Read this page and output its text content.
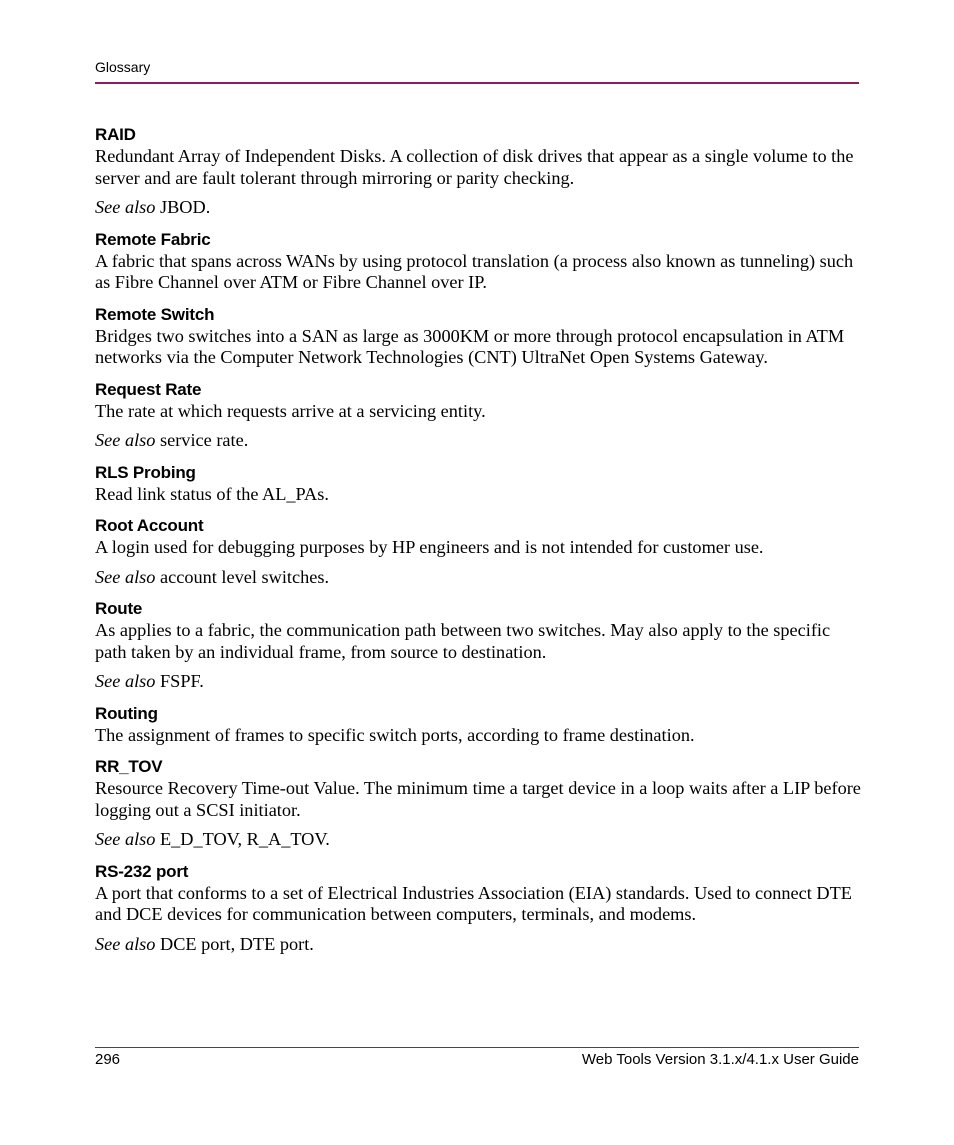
Glossary
RAID
Redundant Array of Independent Disks. A collection of disk drives that appear as a single volume to the server and are fault tolerant through mirroring or parity checking.
See also JBOD.
Remote Fabric
A fabric that spans across WANs by using protocol translation (a process also known as tunneling) such as Fibre Channel over ATM or Fibre Channel over IP.
Remote Switch
Bridges two switches into a SAN as large as 3000KM or more through protocol encapsulation in ATM networks via the Computer Network Technologies (CNT) UltraNet Open Systems Gateway.
Request Rate
The rate at which requests arrive at a servicing entity.
See also service rate.
RLS Probing
Read link status of the AL_PAs.
Root Account
A login used for debugging purposes by HP engineers and is not intended for customer use.
See also account level switches.
Route
As applies to a fabric, the communication path between two switches. May also apply to the specific path taken by an individual frame, from source to destination.
See also FSPF.
Routing
The assignment of frames to specific switch ports, according to frame destination.
RR_TOV
Resource Recovery Time-out Value. The minimum time a target device in a loop waits after a LIP before logging out a SCSI initiator.
See also E_D_TOV, R_A_TOV.
RS-232 port
A port that conforms to a set of Electrical Industries Association (EIA) standards. Used to connect DTE and DCE devices for communication between computers, terminals, and modems.
See also DCE port, DTE port.
296	Web Tools Version 3.1.x/4.1.x User Guide
